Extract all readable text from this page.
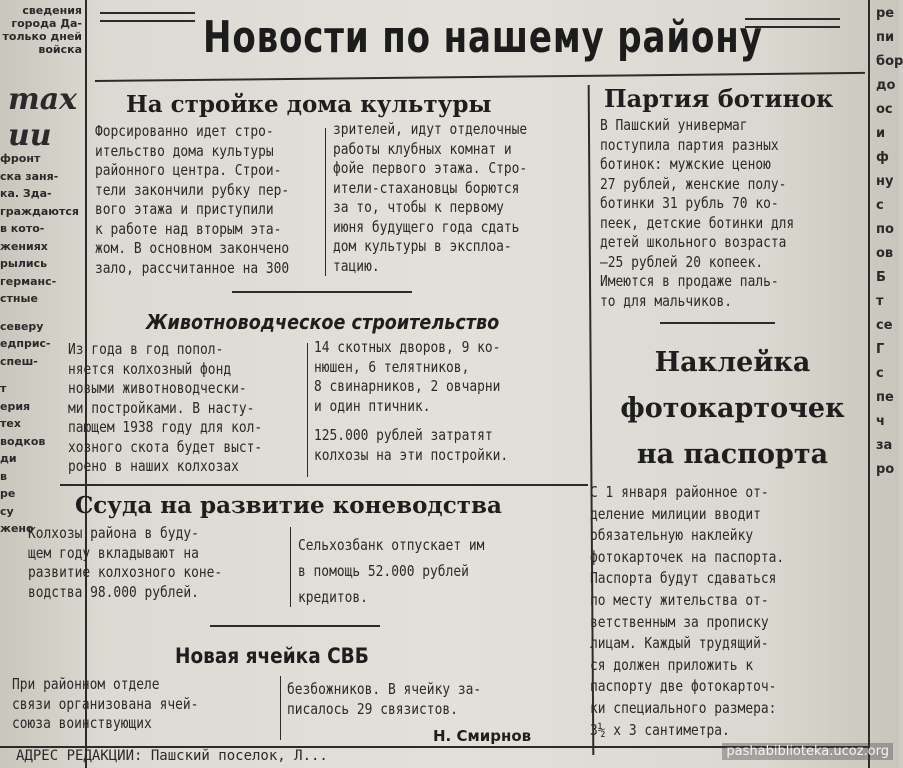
сведения
города Да-
только дней
войска
тах
ии
фронт
ска заня-
ка. Зда-
граждаются
в кото-
жениях
рылись
германс-
стные
северу
едприс-
спеш-
т
ерия
тех
водков
ди
в
ре
су
жено
ре
пи
бор
до
ос
и
ф
ну
с
по
ов
Б
т
се
Г
с
пе
ч
за
ро
Новости по нашему району
На стройке дома культуры
Форсированно идет стро-
ительство дома культуры
районного центра. Строи-
тели закончили рубку пер-
вого этажа и приступили
к работе над вторым эта-
жом. В основном закончено
зало, рассчитанное на 300
зрителей, идут отделочные
работы клубных комнат и
фойе первого этажа. Стро-
ители-стахановцы борются
за то, чтобы к первому
июня будущего года сдать
дом культуры в эксплоа-
тацию.
Животноводческое строительство
Из года в год попол-
няется колхозный фонд
новыми животноводчески-
ми постройками. В насту-
пающем 1938 году для кол-
хозного скота будет выст-
роено в наших колхозах
14 скотных дворов, 9 ко-
нюшен, 6 телятников,
8 свинарников, 2 овчарни
и один птичник.
125.000 рублей затратят
колхозы на эти постройки.
Ссуда на развитие коневодства
Колхозы района в буду-
щем году вкладывают на
развитие колхозного коне-
водства 98.000 рублей.
Сельхозбанк отпускает им
в помощь 52.000 рублей
кредитов.
Новая ячейка СВБ
При районном отделе
связи организована ячей-
союза воинствующих
безбожников. В ячейку за-
писалось 29 связистов.
Н. Смирнов
АДРЕС РЕДАКЦИИ: Пашский поселок, Л...
Партия ботинок
В Пашский универмаг
поступила партия разных
ботинок: мужские ценою
27 рублей, женские полу-
ботинки 31 рубль 70 ко-
пеек, детские ботинки для
детей школьного возраста
—25 рублей 20 копеек.
Имеются в продаже паль-
то для мальчиков.
Наклейка
фотокарточек
на паспорта
С 1 января районное от-
деление милиции вводит
обязательную наклейку
фотокарточек на паспорта.
Паспорта будут сдаваться
по месту жительства от-
ветственным за прописку
лицам. Каждый трудящий-
ся должен приложить к
паспорту две фотокарточ-
ки специального размера:
3½ х 3 сантиметра.
pashabiblioteka.ucoz.org
